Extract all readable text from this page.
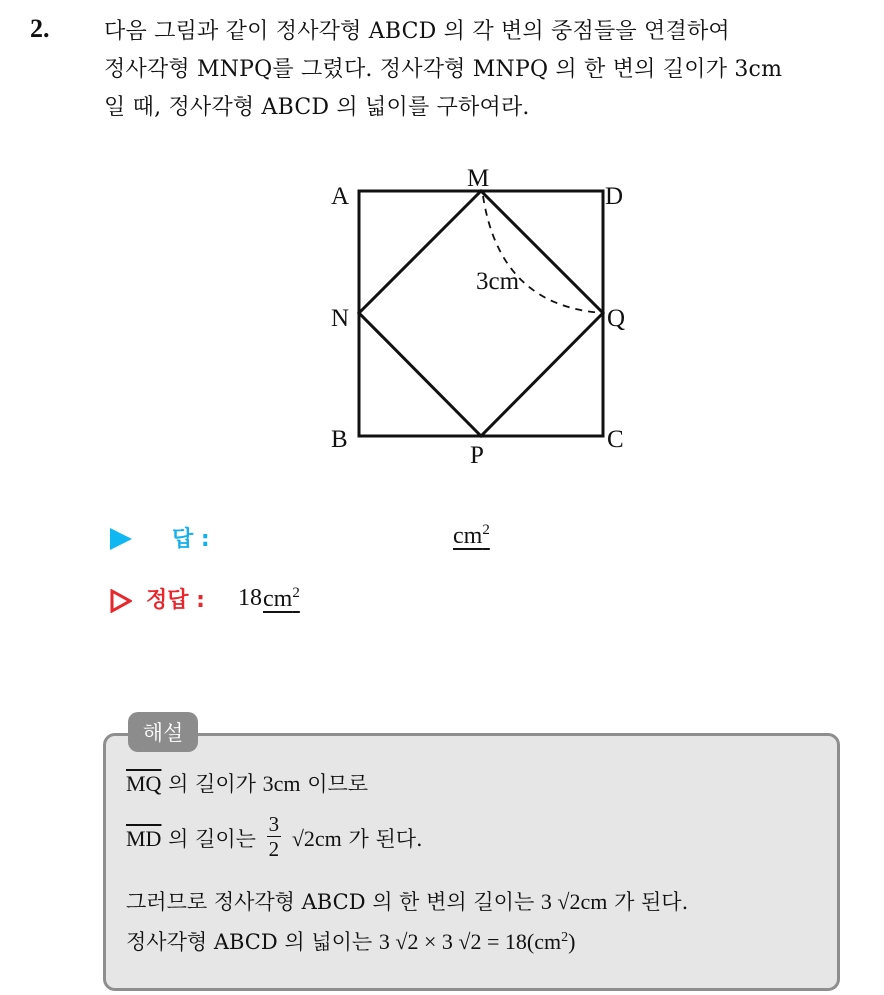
2. 다음 그림과 같이 정사각형 ABCD 의 각 변의 중점들을 연결하여
정사각형 MNPQ를 그렸다. 정사각형 MNPQ 의 한 변의 길이가 3cm
일 때, 정사각형 ABCD 의 넓이를 구하여라.
A	D
M
N	Q
B	C
P
3cm
답 :	$cm^2$
정답 : 18 $cm^2$
해설
$\overline{MQ}$ 의 길이가 3cm 이므로
$\overline{MD}$ 의 길이는 $\frac{3}{2} √2cm$ 가 된다.
그러므로 정사각형 ABCD 의 한 변의 길이는 3 √2cm 가 된다.
정사각형 ABCD 의 넓이는 3 √2 × 3 $√2 = 18(cm^2)$
